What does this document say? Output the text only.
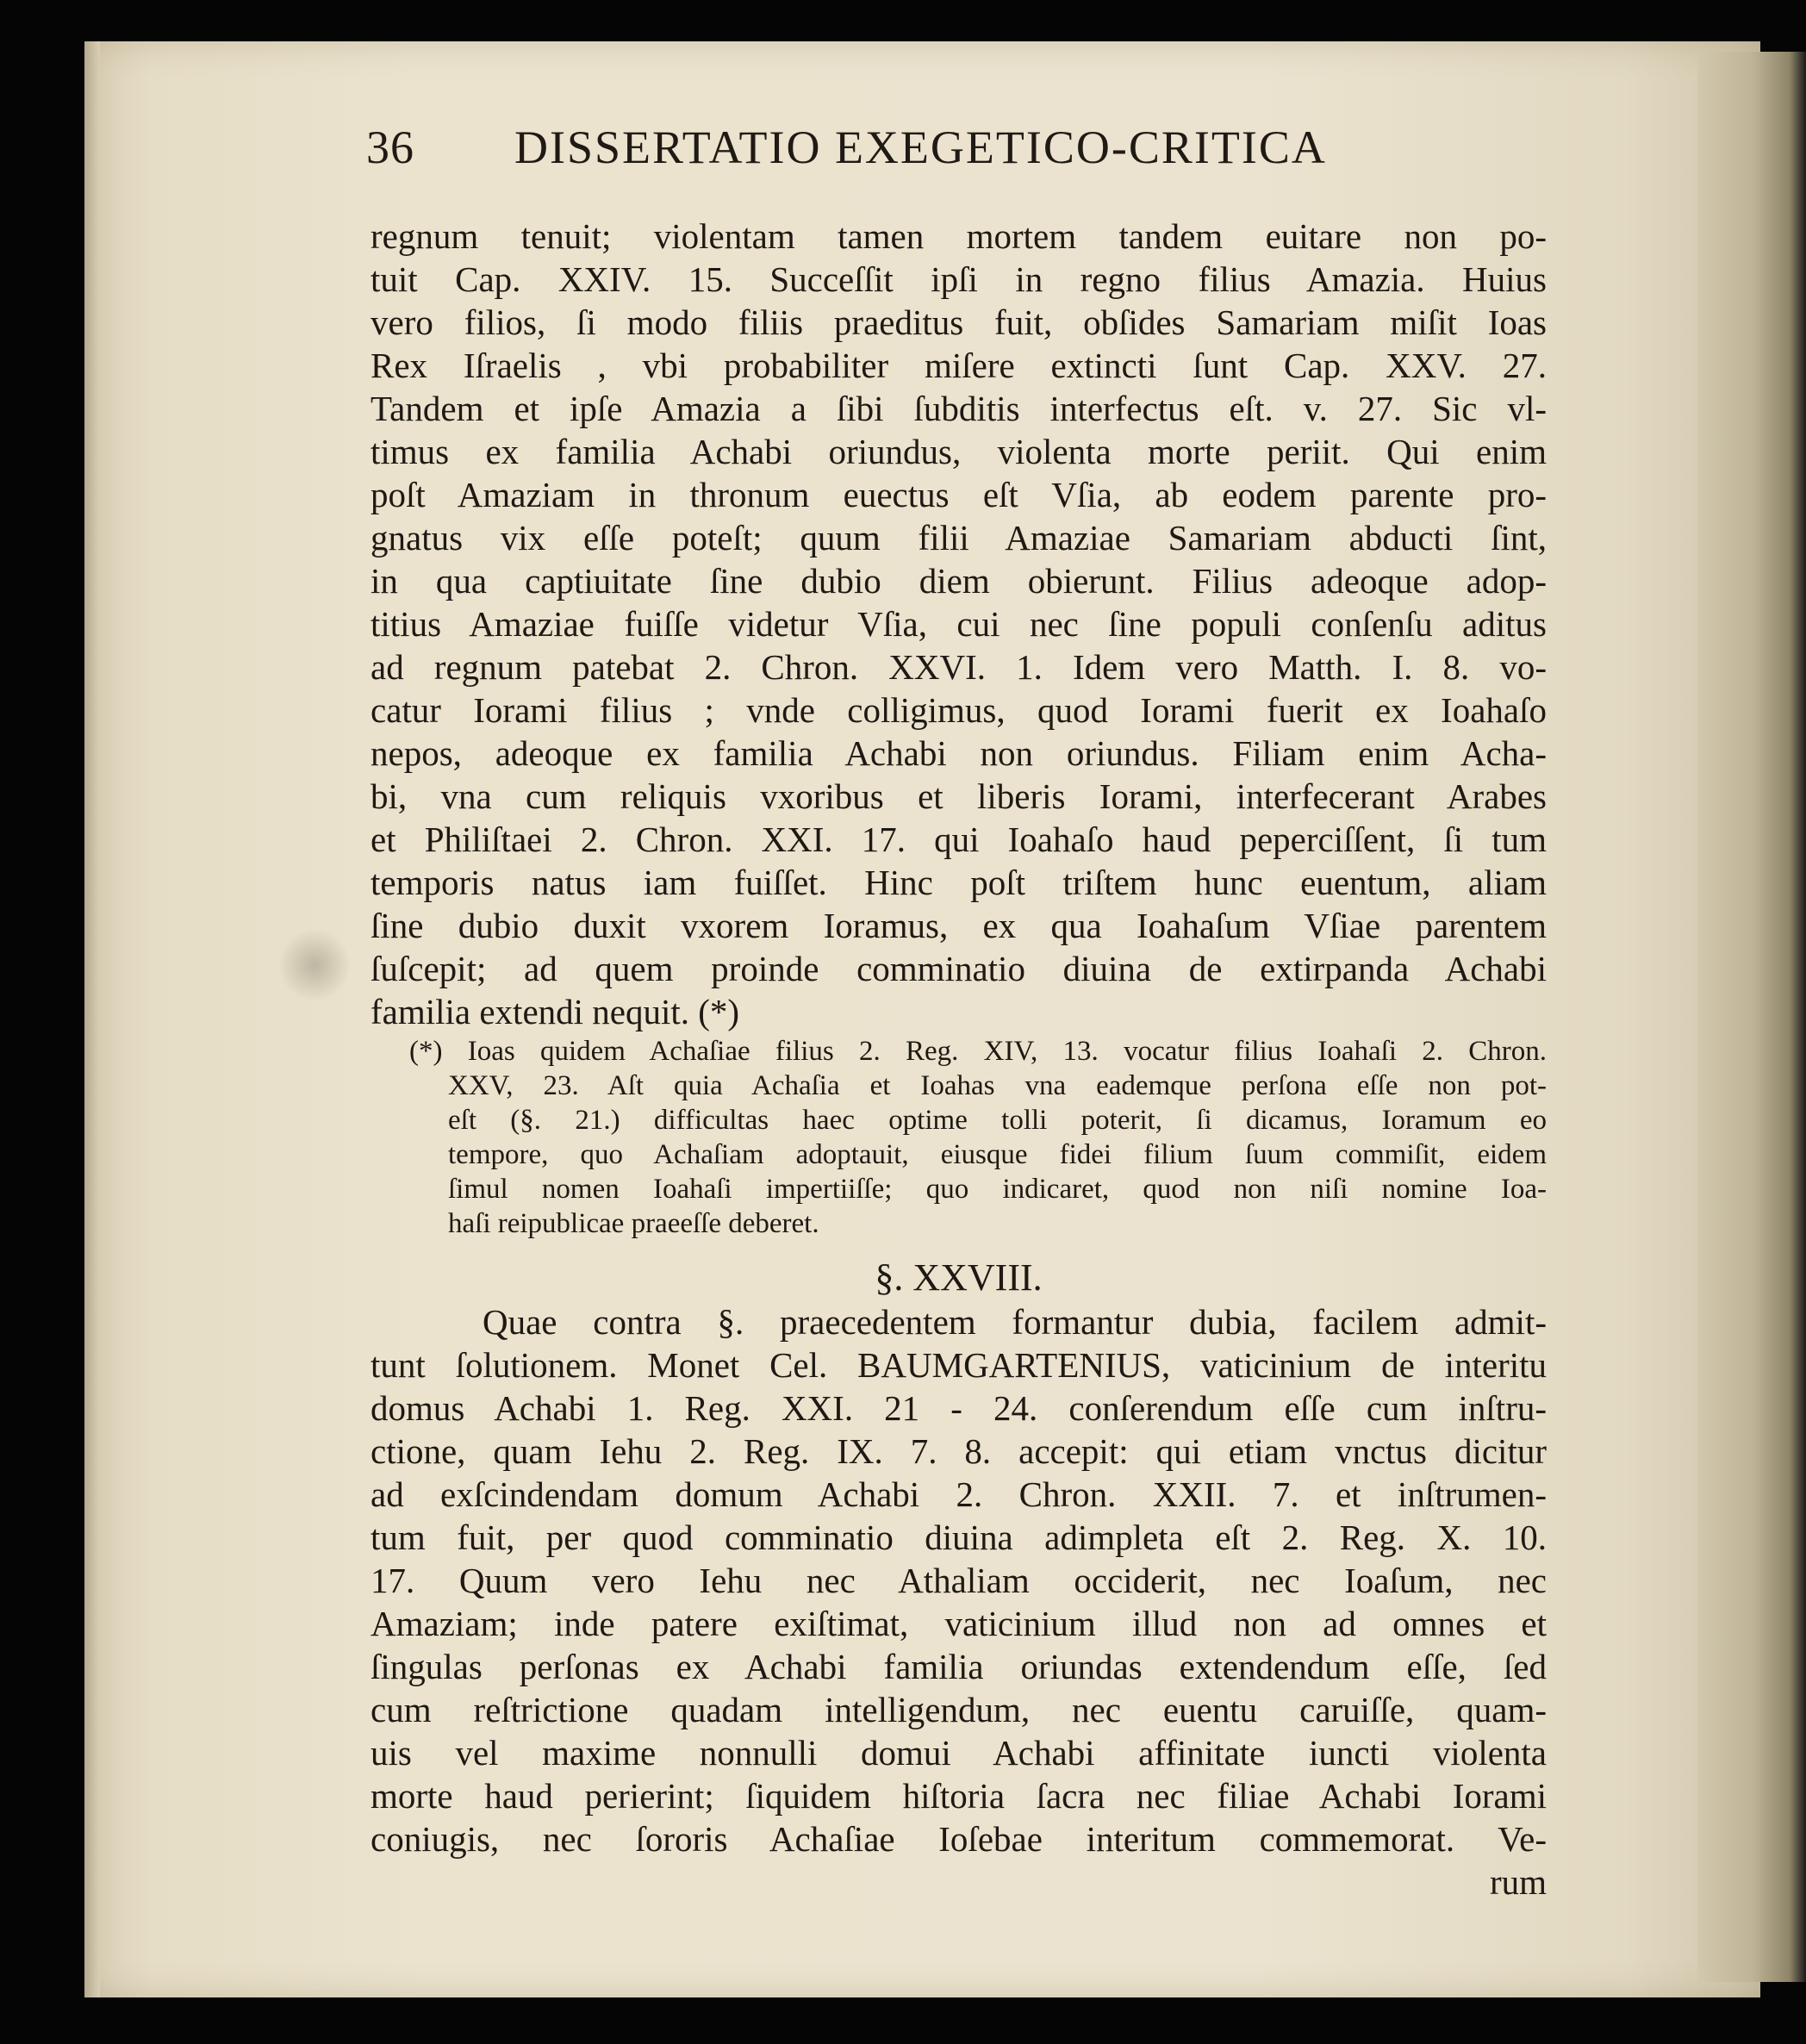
36 DISSERTATIO EXEGETICO-CRITICA
regnum tenuit; violentam tamen mortem tandem euitare non po-
tuit Cap. XXIV. 15. Succeſſit ipſi in regno filius Amazia. Huius
vero filios, ſi modo filiis praeditus fuit, obſides Samariam miſit Ioas
Rex Iſraelis , vbi probabiliter miſere extincti ſunt Cap. XXV. 27.
Tandem et ipſe Amazia a ſibi ſubditis interfectus eſt. v. 27. Sic vl-
timus ex familia Achabi oriundus, violenta morte periit. Qui enim
poſt Amaziam in thronum euectus eſt Vſia, ab eodem parente pro-
gnatus vix eſſe poteſt; quum filii Amaziae Samariam abducti ſint,
in qua captiuitate ſine dubio diem obierunt. Filius adeoque adop-
titius Amaziae fuiſſe videtur Vſia, cui nec ſine populi conſenſu aditus
ad regnum patebat 2. Chron. XXVI. 1. Idem vero Matth. I. 8. vo-
catur Iorami filius ; vnde colligimus, quod Iorami fuerit ex Ioahaſo
nepos, adeoque ex familia Achabi non oriundus. Filiam enim Acha-
bi, vna cum reliquis vxoribus et liberis Iorami, interfecerant Arabes
et Philiſtaei 2. Chron. XXI. 17. qui Ioahaſo haud peperciſſent, ſi tum
temporis natus iam fuiſſet. Hinc poſt triſtem hunc euentum, aliam
ſine dubio duxit vxorem Ioramus, ex qua Ioahaſum Vſiae parentem
ſuſcepit; ad quem proinde comminatio diuina de extirpanda Achabi
familia extendi nequit. (*)
(*) Ioas quidem Achaſiae filius 2. Reg. XIV, 13. vocatur filius Ioahaſi 2. Chron.
XXV, 23. Aſt quia Achaſia et Ioahas vna eademque perſona eſſe non pot-
eſt (§. 21.) difficultas haec optime tolli poterit, ſi dicamus, Ioramum eo
tempore, quo Achaſiam adoptauit, eiusque fidei filium ſuum commiſit, eidem
ſimul nomen Ioahaſi impertiiſſe; quo indicaret, quod non niſi nomine Ioa-
haſi reipublicae praeeſſe deberet.
§. XXVIII.
Quae contra §. praecedentem formantur dubia, facilem admit-
tunt ſolutionem. Monet Cel. BAUMGARTENIUS, vaticinium de interitu
domus Achabi 1. Reg. XXI. 21 - 24. conſerendum eſſe cum inſtru-
ctione, quam Iehu 2. Reg. IX. 7. 8. accepit: qui etiam vnctus dicitur
ad exſcindendam domum Achabi 2. Chron. XXII. 7. et inſtrumen-
tum fuit, per quod comminatio diuina adimpleta eſt 2. Reg. X. 10.
17. Quum vero Iehu nec Athaliam occiderit, nec Ioaſum, nec
Amaziam; inde patere exiſtimat, vaticinium illud non ad omnes et
ſingulas perſonas ex Achabi familia oriundas extendendum eſſe, ſed
cum reſtrictione quadam intelligendum, nec euentu caruiſſe, quam-
uis vel maxime nonnulli domui Achabi affinitate iuncti violenta
morte haud perierint; ſiquidem hiſtoria ſacra nec filiae Achabi Iorami
coniugis, nec ſororis Achaſiae Ioſebae interitum commemorat. Ve-
rum
